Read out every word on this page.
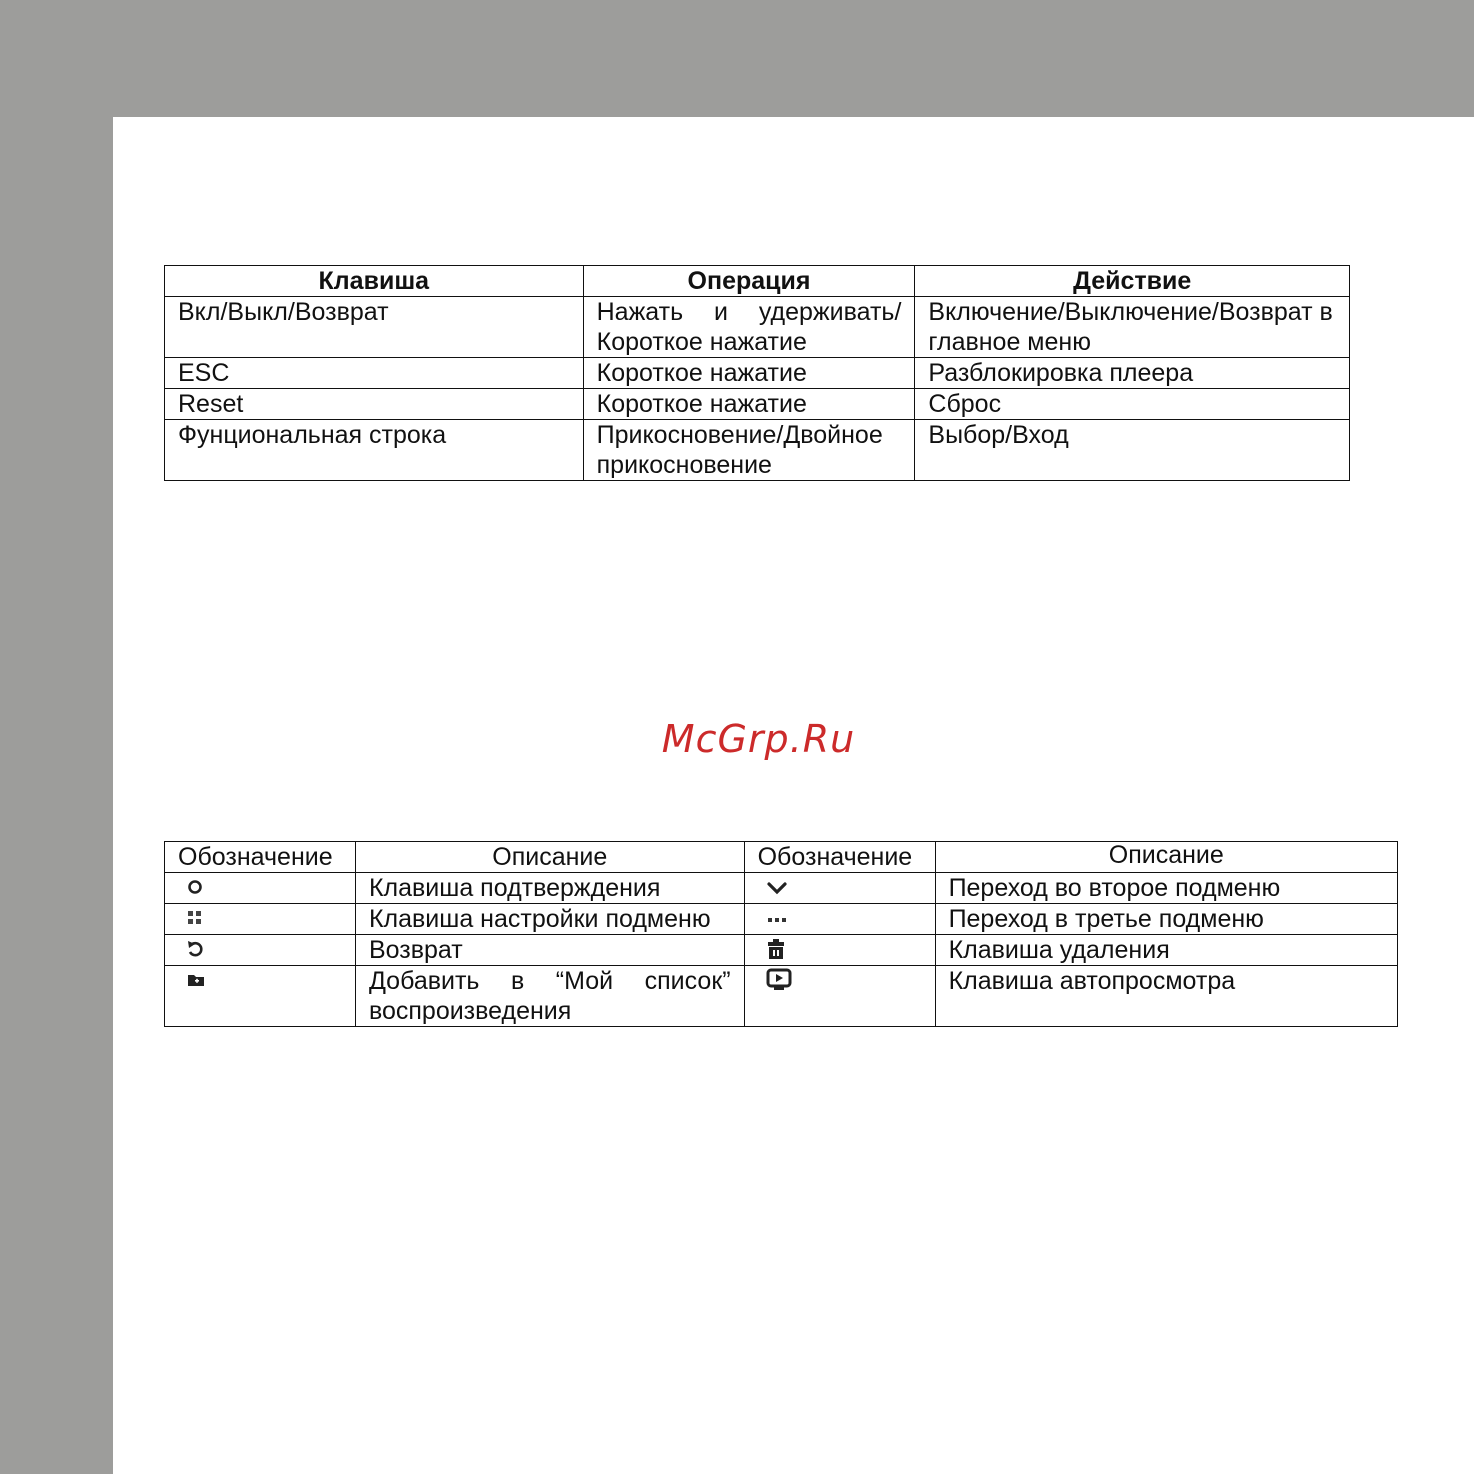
Клавиша	Операция	Действие
Вкл/Выкл/Возврат	Нажать и удерживать/ Короткое нажатие	Включение/Выключение/Возврат в главное меню
ESC	Короткое нажатие	Разблокировка плеера
Reset	Короткое нажатие	Сброс
Фунциональная строка	Прикосновение/Двойное прикосновение	Выбор/Вход
McGrp.Ru
Обозначение	Описание	Обозначение	Описание
	Клавиша подтверждения		Переход во второе подменю
	Клавиша настройки подменю		Переход в третье подменю
	Возврат		Клавиша удаления
	Добавить в “Мой список” воспроизведения		Клавиша автопросмотра
